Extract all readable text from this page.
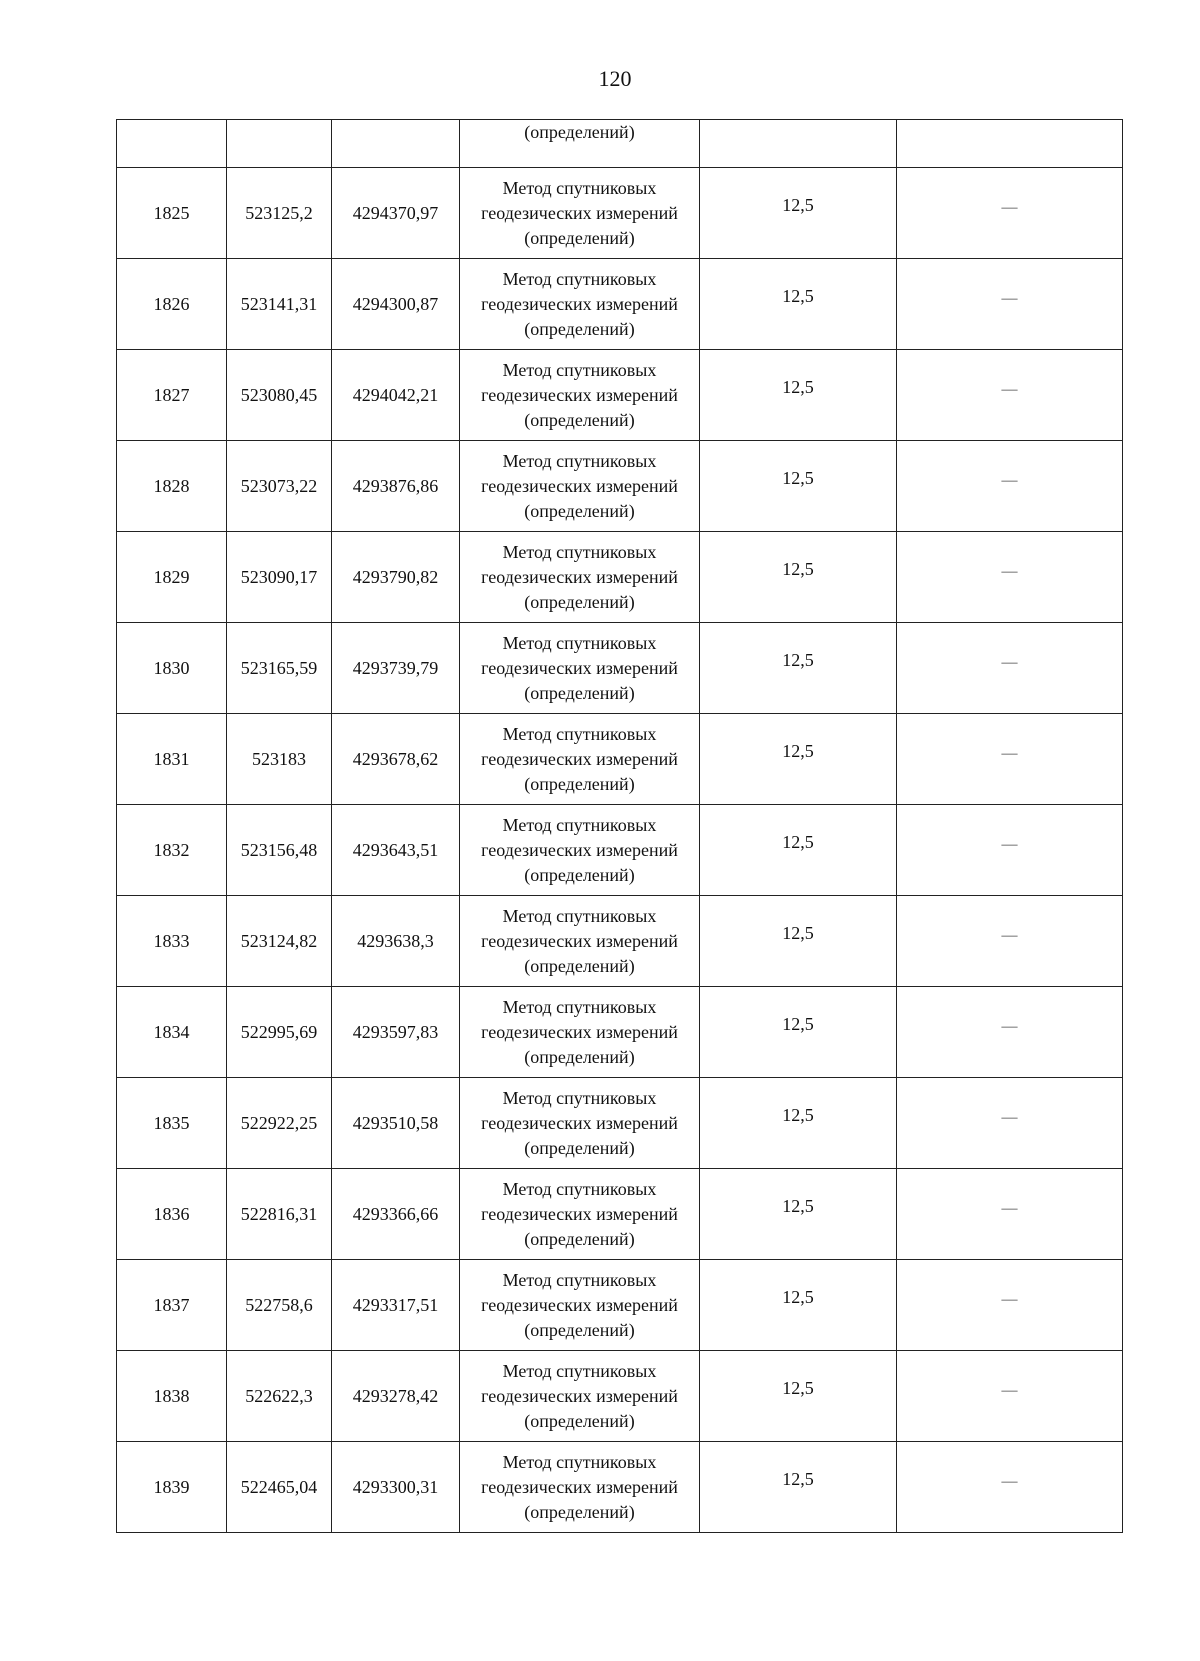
120
			(определений)		
1825	523125,2	4294370,97	Метод спутниковых
геодезических измерений
(определений)	12,5	—
1826	523141,31	4294300,87	Метод спутниковых
геодезических измерений
(определений)	12,5	—
1827	523080,45	4294042,21	Метод спутниковых
геодезических измерений
(определений)	12,5	—
1828	523073,22	4293876,86	Метод спутниковых
геодезических измерений
(определений)	12,5	—
1829	523090,17	4293790,82	Метод спутниковых
геодезических измерений
(определений)	12,5	—
1830	523165,59	4293739,79	Метод спутниковых
геодезических измерений
(определений)	12,5	—
1831	523183	4293678,62	Метод спутниковых
геодезических измерений
(определений)	12,5	—
1832	523156,48	4293643,51	Метод спутниковых
геодезических измерений
(определений)	12,5	—
1833	523124,82	4293638,3	Метод спутниковых
геодезических измерений
(определений)	12,5	—
1834	522995,69	4293597,83	Метод спутниковых
геодезических измерений
(определений)	12,5	—
1835	522922,25	4293510,58	Метод спутниковых
геодезических измерений
(определений)	12,5	—
1836	522816,31	4293366,66	Метод спутниковых
геодезических измерений
(определений)	12,5	—
1837	522758,6	4293317,51	Метод спутниковых
геодезических измерений
(определений)	12,5	—
1838	522622,3	4293278,42	Метод спутниковых
геодезических измерений
(определений)	12,5	—
1839	522465,04	4293300,31	Метод спутниковых
геодезических измерений
(определений)	12,5	—
